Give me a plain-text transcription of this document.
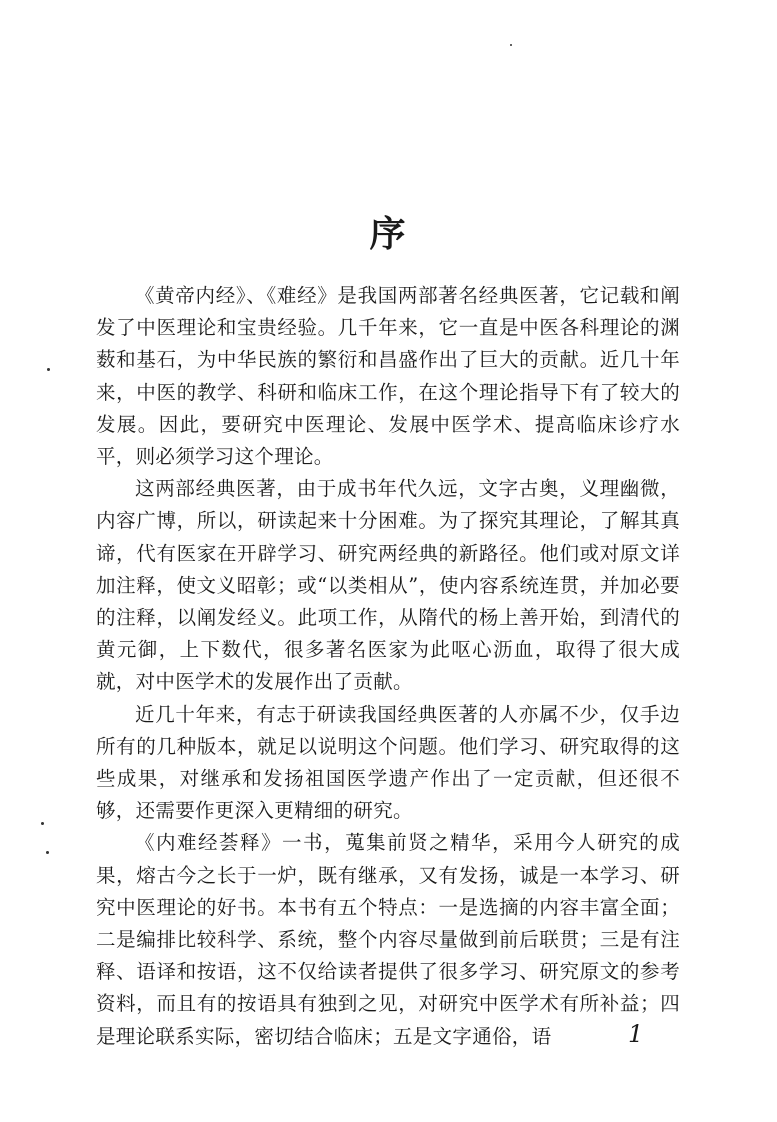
序

《黄帝内经》、《难经》是我国两部著名经典医著，它记载和阐发了中医理论和宝贵经验。几千年来，它一直是中医各科理论的渊薮和基石，为中华民族的繁衍和昌盛作出了巨大的贡献。近几十年来，中医的教学、科研和临床工作，在这个理论指导下有了较大的发展。因此，要研究中医理论、发展中医学术、提高临床诊疗水平，则必须学习这个理论。

这两部经典医著，由于成书年代久远，文字古奥，义理幽微，内容广博，所以，研读起来十分困难。为了探究其理论，了解其真谛，代有医家在开辟学习、研究两经典的新路径。他们或对原文详加注释，使文义昭彰；或“以类相从”，使内容系统连贯，并加必要的注释，以阐发经义。此项工作，从隋代的杨上善开始，到清代的黄元御，上下数代，很多著名医家为此呕心沥血，取得了很大成就，对中医学术的发展作出了贡献。

近几十年来，有志于研读我国经典医著的人亦属不少，仅手边所有的几种版本，就足以说明这个问题。他们学习、研究取得的这些成果，对继承和发扬祖国医学遗产作出了一定贡献，但还很不够，还需要作更深入更精细的研究。

《内难经荟释》一书，蒐集前贤之精华，采用今人研究的成果，熔古今之长于一炉，既有继承，又有发扬，诚是一本学习、研究中医理论的好书。本书有五个特点：一是选摘的内容丰富全面；二是编排比较科学、系统，整个内容尽量做到前后联贯；三是有注释、语译和按语，这不仅给读者提供了很多学习、研究原文的参考资料，而且有的按语具有独到之见，对研究中医学术有所补益；四是理论联系实际，密切结合临床；五是文字通俗，语	1
